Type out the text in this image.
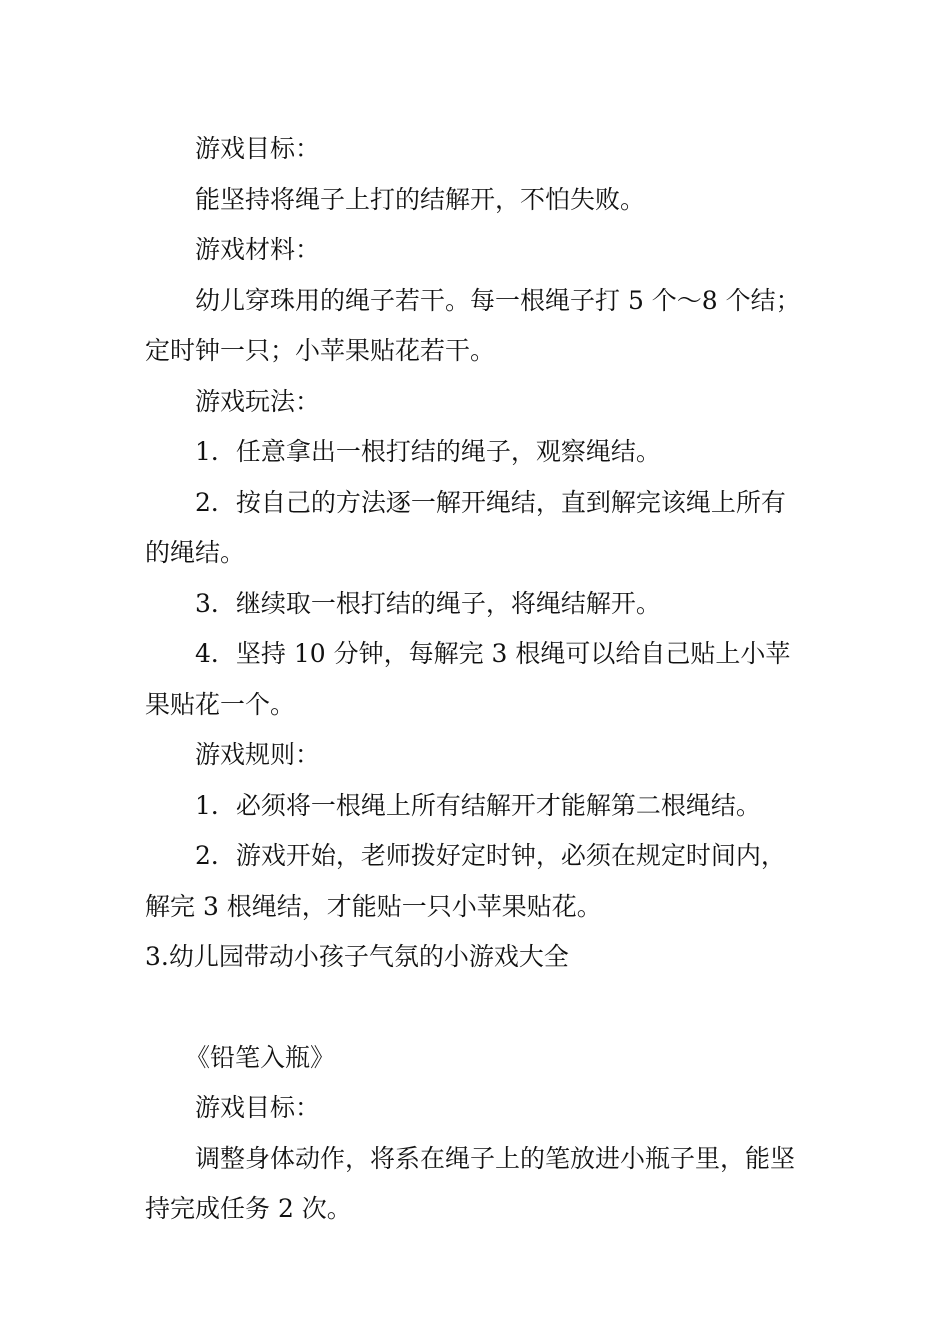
游戏目标：

能坚持将绳子上打的结解开，不怕失败。

游戏材料：

幼儿穿珠用的绳子若干。每一根绳子打 5 个～8 个结；定时钟一只；小苹果贴花若干。

游戏玩法：

1．任意拿出一根打结的绳子，观察绳结。

2．按自己的方法逐一解开绳结，直到解完该绳上所有的绳结。

3．继续取一根打结的绳子，将绳结解开。

4．坚持 10 分钟，每解完 3 根绳可以给自己贴上小苹果贴花一个。

游戏规则：

1．必须将一根绳上所有结解开才能解第二根绳结。

2．游戏开始，老师拨好定时钟，必须在规定时间内，解完 3 根绳结，才能贴一只小苹果贴花。

3.幼儿园带动小孩子气氛的小游戏大全

《铅笔入瓶》

游戏目标：

调整身体动作，将系在绳子上的笔放进小瓶子里，能坚持完成任务 2 次。
